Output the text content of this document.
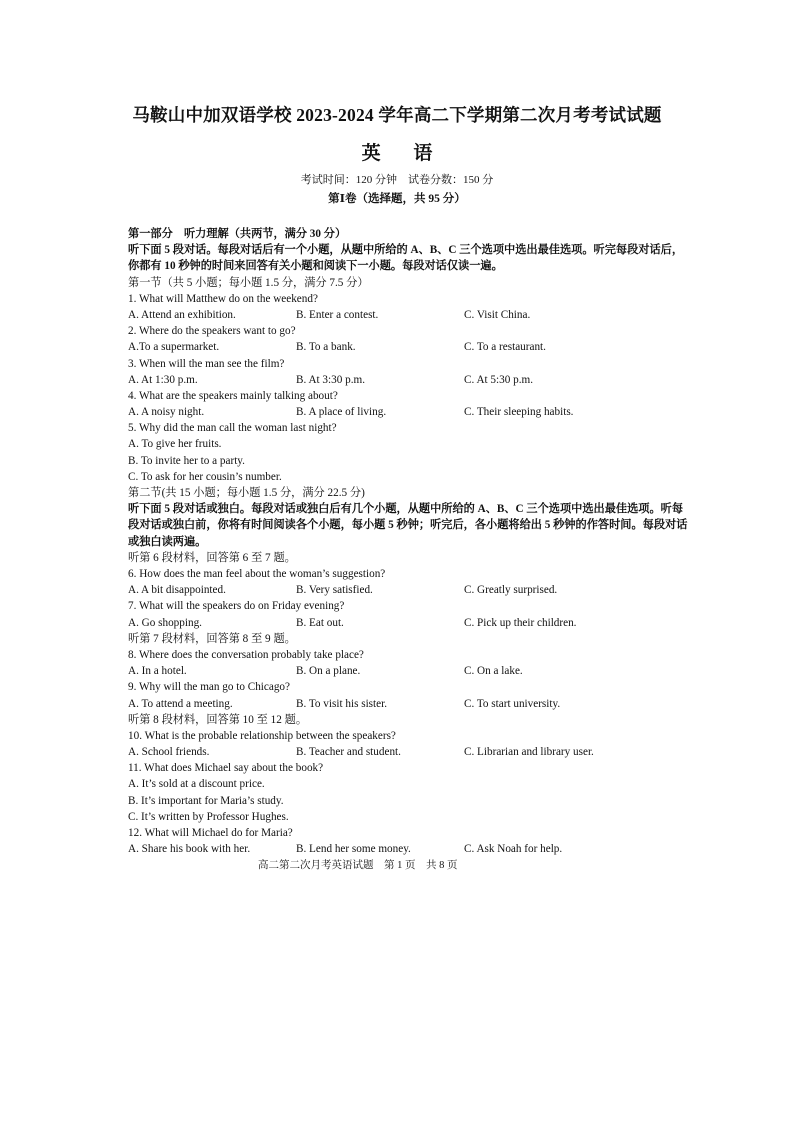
马鞍山中加双语学校 2023-2024 学年高二下学期第二次月考考试试题
英 语
考试时间：120 分钟　试卷分数：150 分
第Ⅰ卷（选择题，共 95 分）
第一部分　听力理解（共两节，满分 30 分）
听下面 5 段对话。每段对话后有一个小题，从题中所给的 A、B、C 三个选项中选出最佳选项。听完每段对话后，你都有 10 秒钟的时间来回答有关小题和阅读下一小题。每段对话仅读一遍。
第一节（共 5 小题；每小题 1.5 分，满分 7.5 分）
1. What will Matthew do on the weekend?
A. Attend an exhibition.	B. Enter a contest.	C. Visit China.
2. Where do the speakers want to go?
A.To a supermarket.	B. To a bank.	C. To a restaurant.
3. When will the man see the film?
A. At 1:30 p.m.	B. At 3:30 p.m.	C. At 5:30 p.m.
4. What are the speakers mainly talking about?
A. A noisy night.	B. A place of living.	C. Their sleeping habits.
5. Why did the man call the woman last night?
A. To give her fruits.
B. To invite her to a party.
C. To ask for her cousin’s number.
第二节(共 15 小题；每小题 1.5 分，满分 22.5 分)
听下面 5 段对话或独白。每段对话或独白后有几个小题，从题中所给的 A、B、C 三个选项中选出最佳选项。听每段对话或独白前，你将有时间阅读各个小题，每小题 5 秒钟；听完后，各小题将给出 5 秒钟的作答时间。每段对话或独白读两遍。
听第 6 段材料，回答第 6 至 7 题。
6. How does the man feel about the woman’s suggestion?
A. A bit disappointed.	B. Very satisfied.	C. Greatly surprised.
7. What will the speakers do on Friday evening?
A. Go shopping.	B. Eat out.	C. Pick up their children.
听第 7 段材料，回答第 8 至 9 题。
8. Where does the conversation probably take place?
A. In a hotel.	B. On a plane.	C. On a lake.
9. Why will the man go to Chicago?
A. To attend a meeting.	B. To visit his sister.	C. To start university.
听第 8 段材料，回答第 10 至 12 题。
10. What is the probable relationship between the speakers?
A. School friends.	B. Teacher and student.	C. Librarian and library user.
11. What does Michael say about the book?
A. It’s sold at a discount price.
B. It’s important for Maria’s study.
C. It’s written by Professor Hughes.
12. What will Michael do for Maria?
A. Share his book with her.	B. Lend her some money.	C. Ask Noah for help.
高二第二次月考英语试题　第 1 页　共 8 页
